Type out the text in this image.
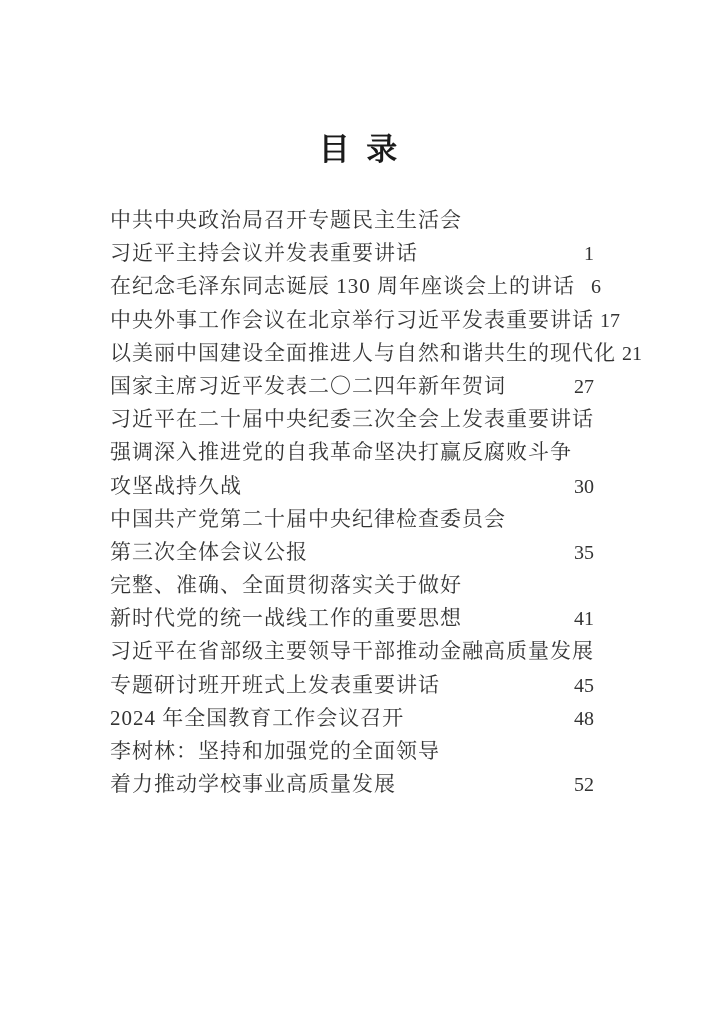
目 录
中共中央政治局召开专题民主生活会
习近平主持会议并发表重要讲话	1
在纪念毛泽东同志诞辰 130 周年座谈会上的讲话 6
中央外事工作会议在北京举行习近平发表重要讲话 17
以美丽中国建设全面推进人与自然和谐共生的现代化 21
国家主席习近平发表二〇二四年新年贺词	27
习近平在二十届中央纪委三次全会上发表重要讲话
强调深入推进党的自我革命坚决打赢反腐败斗争
攻坚战持久战	30
中国共产党第二十届中央纪律检查委员会
第三次全体会议公报	35
完整、准确、全面贯彻落实关于做好
新时代党的统一战线工作的重要思想	41
习近平在省部级主要领导干部推动金融高质量发展
专题研讨班开班式上发表重要讲话	45
2024 年全国教育工作会议召开	48
李树林：坚持和加强党的全面领导
着力推动学校事业高质量发展	52
